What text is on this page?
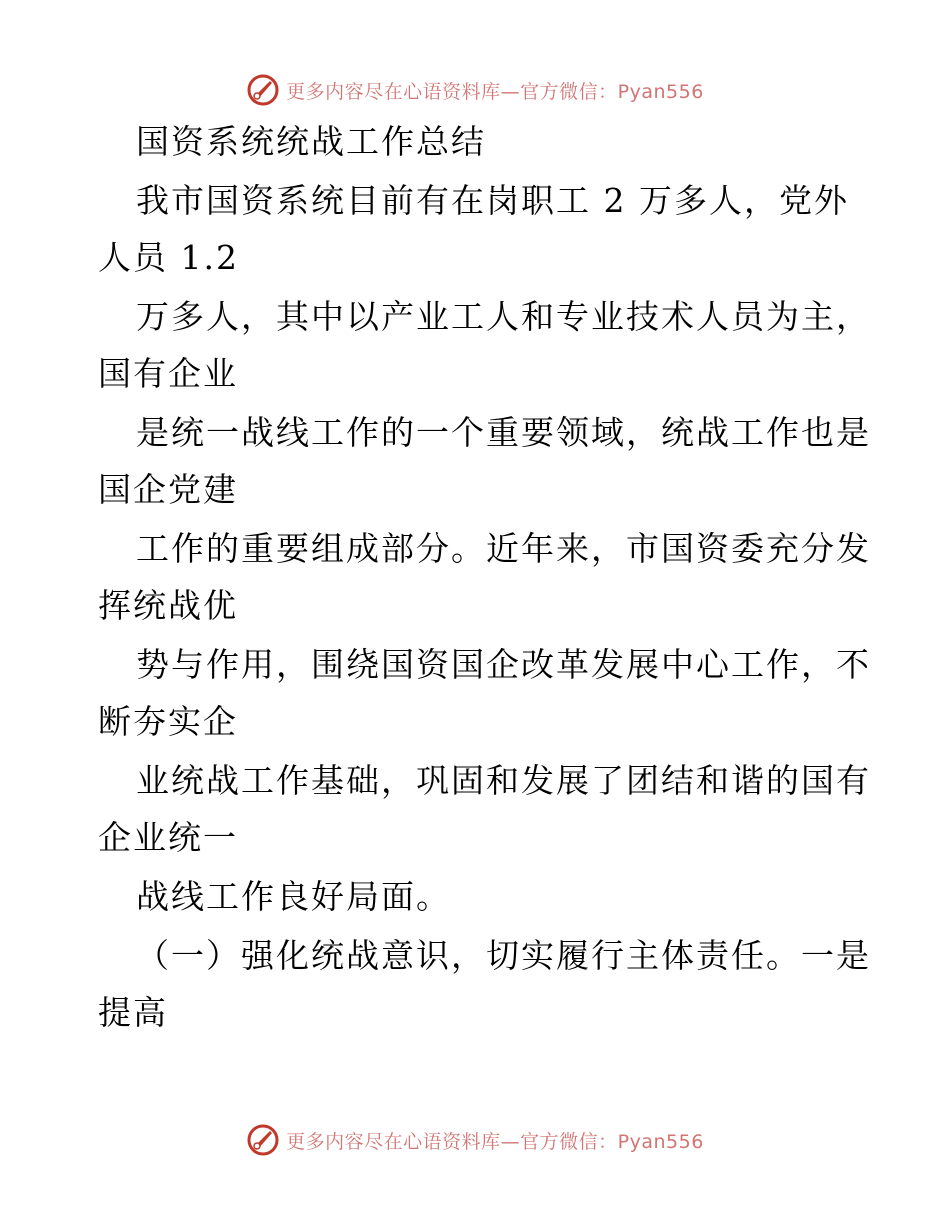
更多内容尽在心语资料库—官方微信：Pyan556
国资系统统战工作总结
我市国资系统目前有在岗职工 2 万多人，党外
人员 1.2
万多人，其中以产业工人和专业技术人员为主，
国有企业
是统一战线工作的一个重要领域，统战工作也是
国企党建
工作的重要组成部分。近年来，市国资委充分发
挥统战优
势与作用，围绕国资国企改革发展中心工作，不
断夯实企
业统战工作基础，巩固和发展了团结和谐的国有
企业统一
战线工作良好局面。
（一）强化统战意识，切实履行主体责任。一是
提高
更多内容尽在心语资料库—官方微信：Pyan556
